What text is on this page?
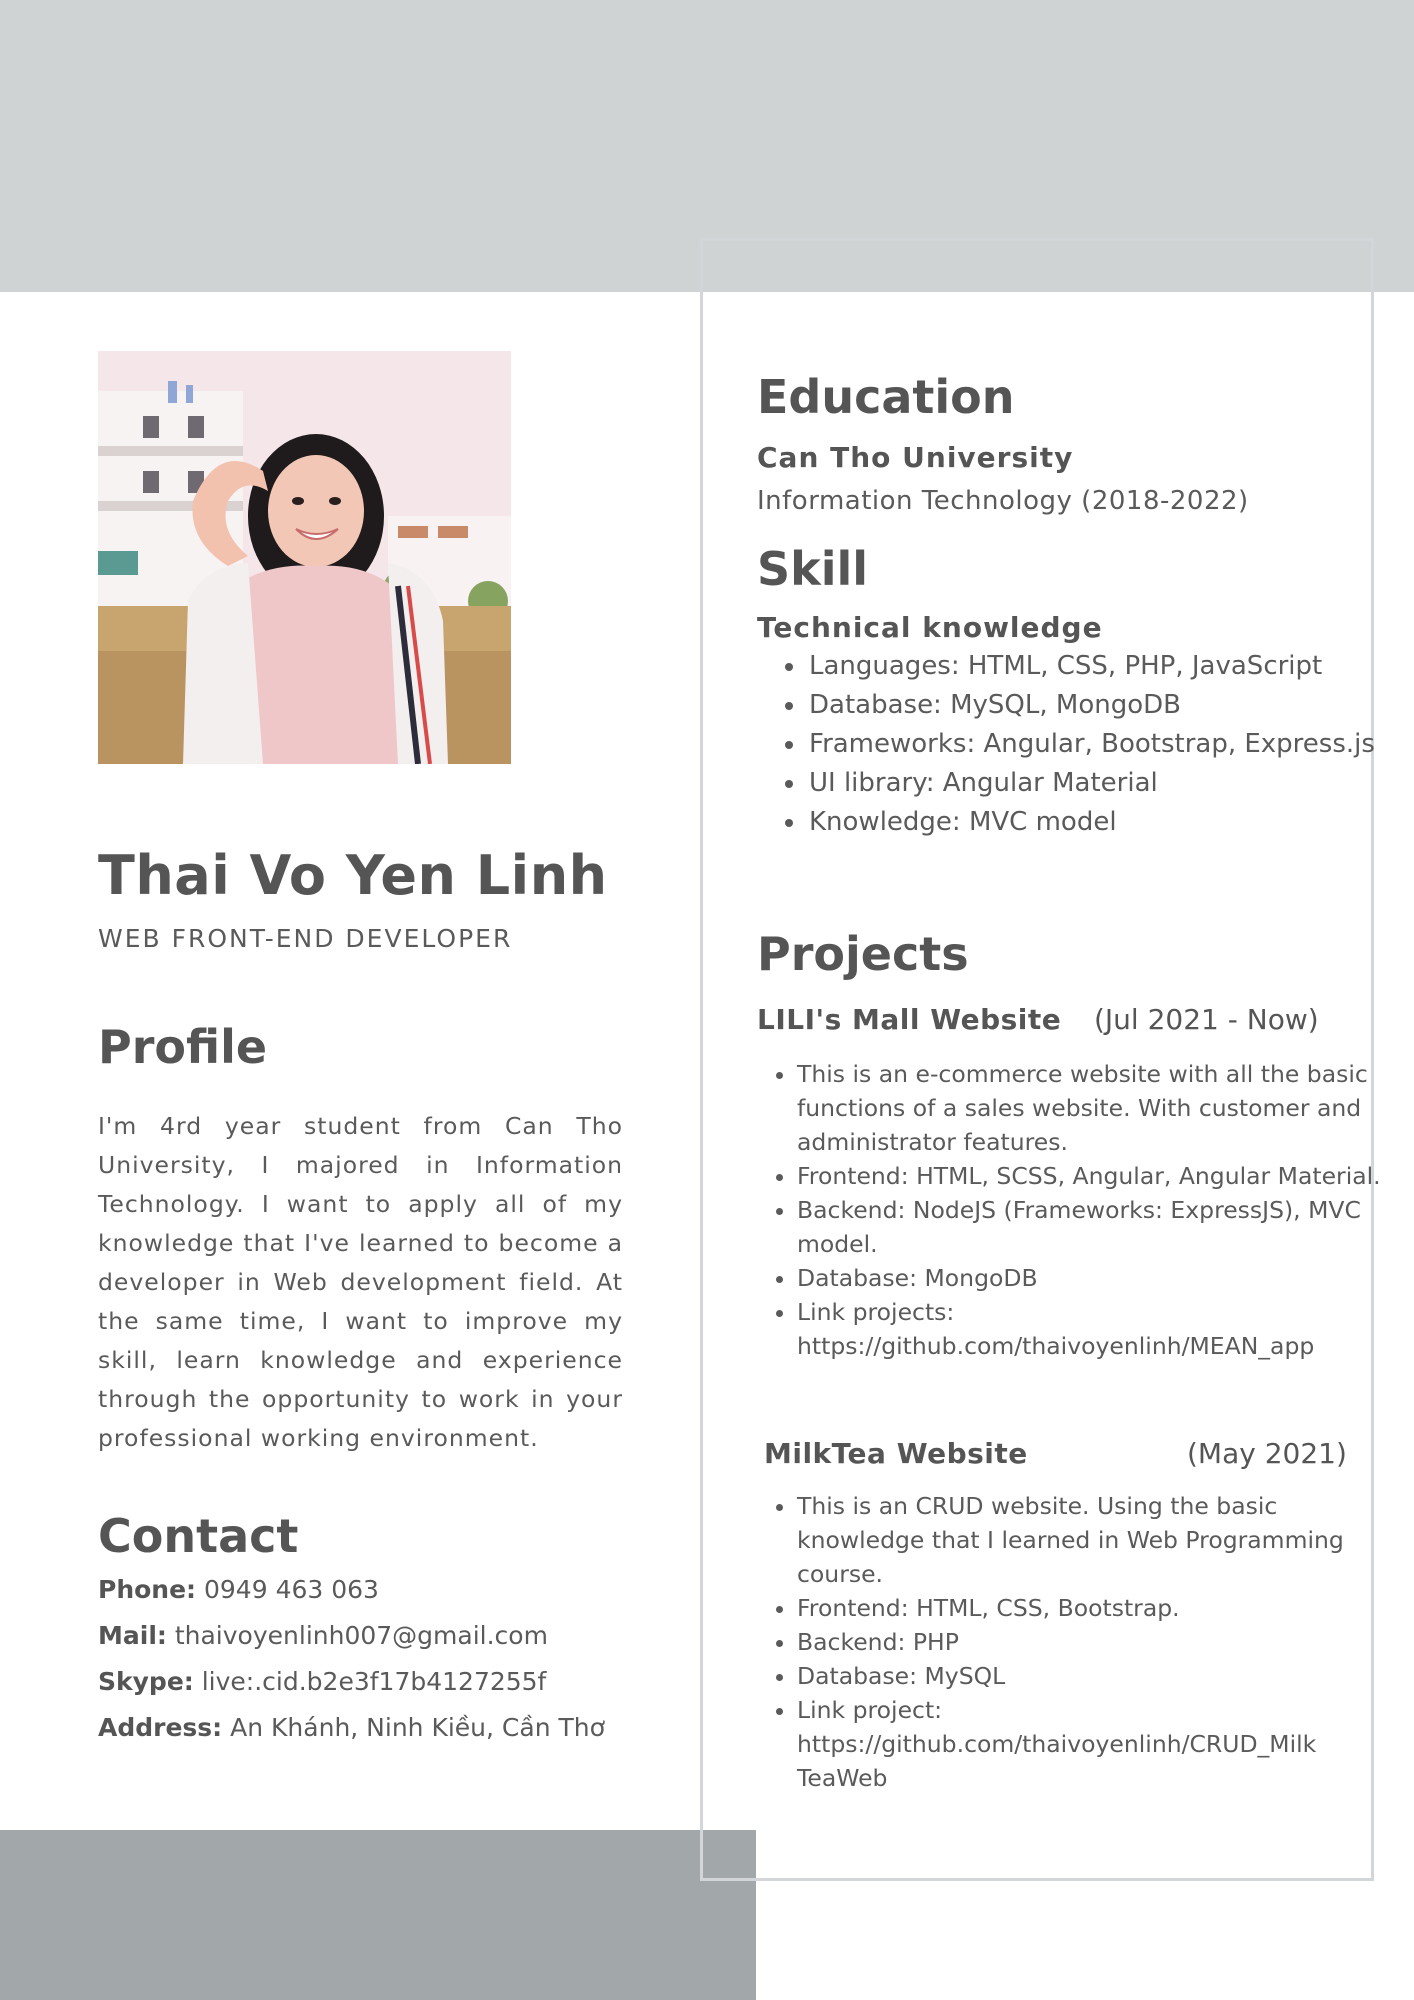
Thai Vo Yen Linh
WEB FRONT-END DEVELOPER
Profile

I'm 4rd year student from Can Tho University, I majored in Information Technology. I want to apply all of my knowledge that I've learned to become a developer in Web development field. At the same time, I want to improve my skill, learn knowledge and experience through the opportunity to work in your professional working environment.

Contact
Phone: 0949 463 063
Mail: thaivoyenlinh007@gmail.com
Skype: live:.cid.b2e3f17b4127255f
Address: An Khánh, Ninh Kiều, Cần Thơ
Education
Can Tho University
Information Technology (2018-2022)
Skill
Technical knowledge
• Languages: HTML, CSS, PHP, JavaScript
• Database: MySQL, MongoDB
• Frameworks: Angular, Bootstrap, Express.js
• UI library: Angular Material
• Knowledge: MVC model
Projects
LILI's Mall Website (Jul 2021 - Now)
• This is an e-commerce website with all the basic functions of a sales website. With customer and administrator features.
• Frontend: HTML, SCSS, Angular, Angular Material.
• Backend: NodeJS (Frameworks: ExpressJS), MVC model.
• Database: MongoDB
• Link projects:
https://github.com/thaivoyenlinh/MEAN_app
MilkTea Website	(May 2021)
• This is an CRUD website. Using the basic knowledge that I learned in Web Programming course.
• Frontend: HTML, CSS, Bootstrap.
• Backend: PHP
• Database: MySQL
• Link project:
https://github.com/thaivoyenlinh/CRUD_Milk
TeaWeb
